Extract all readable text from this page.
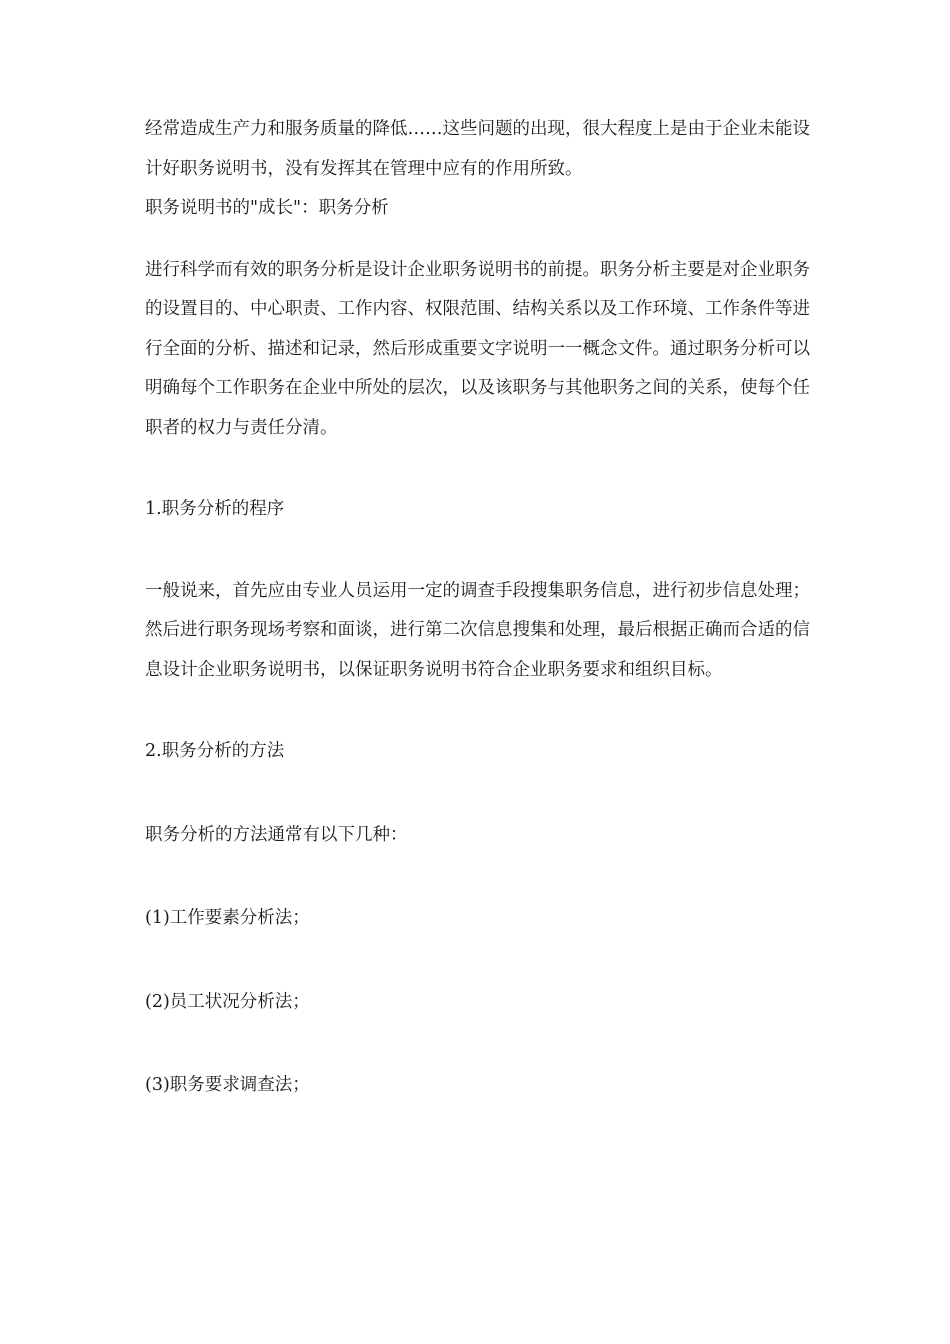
经常造成生产力和服务质量的降低……这些问题的出现，很大程度上是由于企业未能设计好职务说明书，没有发挥其在管理中应有的作用所致。

职务说明书的"成长"：职务分析

进行科学而有效的职务分析是设计企业职务说明书的前提。职务分析主要是对企业职务的设置目的、中心职责、工作内容、权限范围、结构关系以及工作环境、工作条件等进行全面的分析、描述和记录，然后形成重要文字说明一一概念文件。通过职务分析可以明确每个工作职务在企业中所处的层次，以及该职务与其他职务之间的关系，使每个任职者的权力与责任分清。

1.职务分析的程序

一般说来，首先应由专业人员运用一定的调查手段搜集职务信息，进行初步信息处理；然后进行职务现场考察和面谈，进行第二次信息搜集和处理，最后根据正确而合适的信息设计企业职务说明书，以保证职务说明书符合企业职务要求和组织目标。

2.职务分析的方法

职务分析的方法通常有以下几种：

(1)工作要素分析法；

(2)员工状况分析法；

(3)职务要求调查法；
